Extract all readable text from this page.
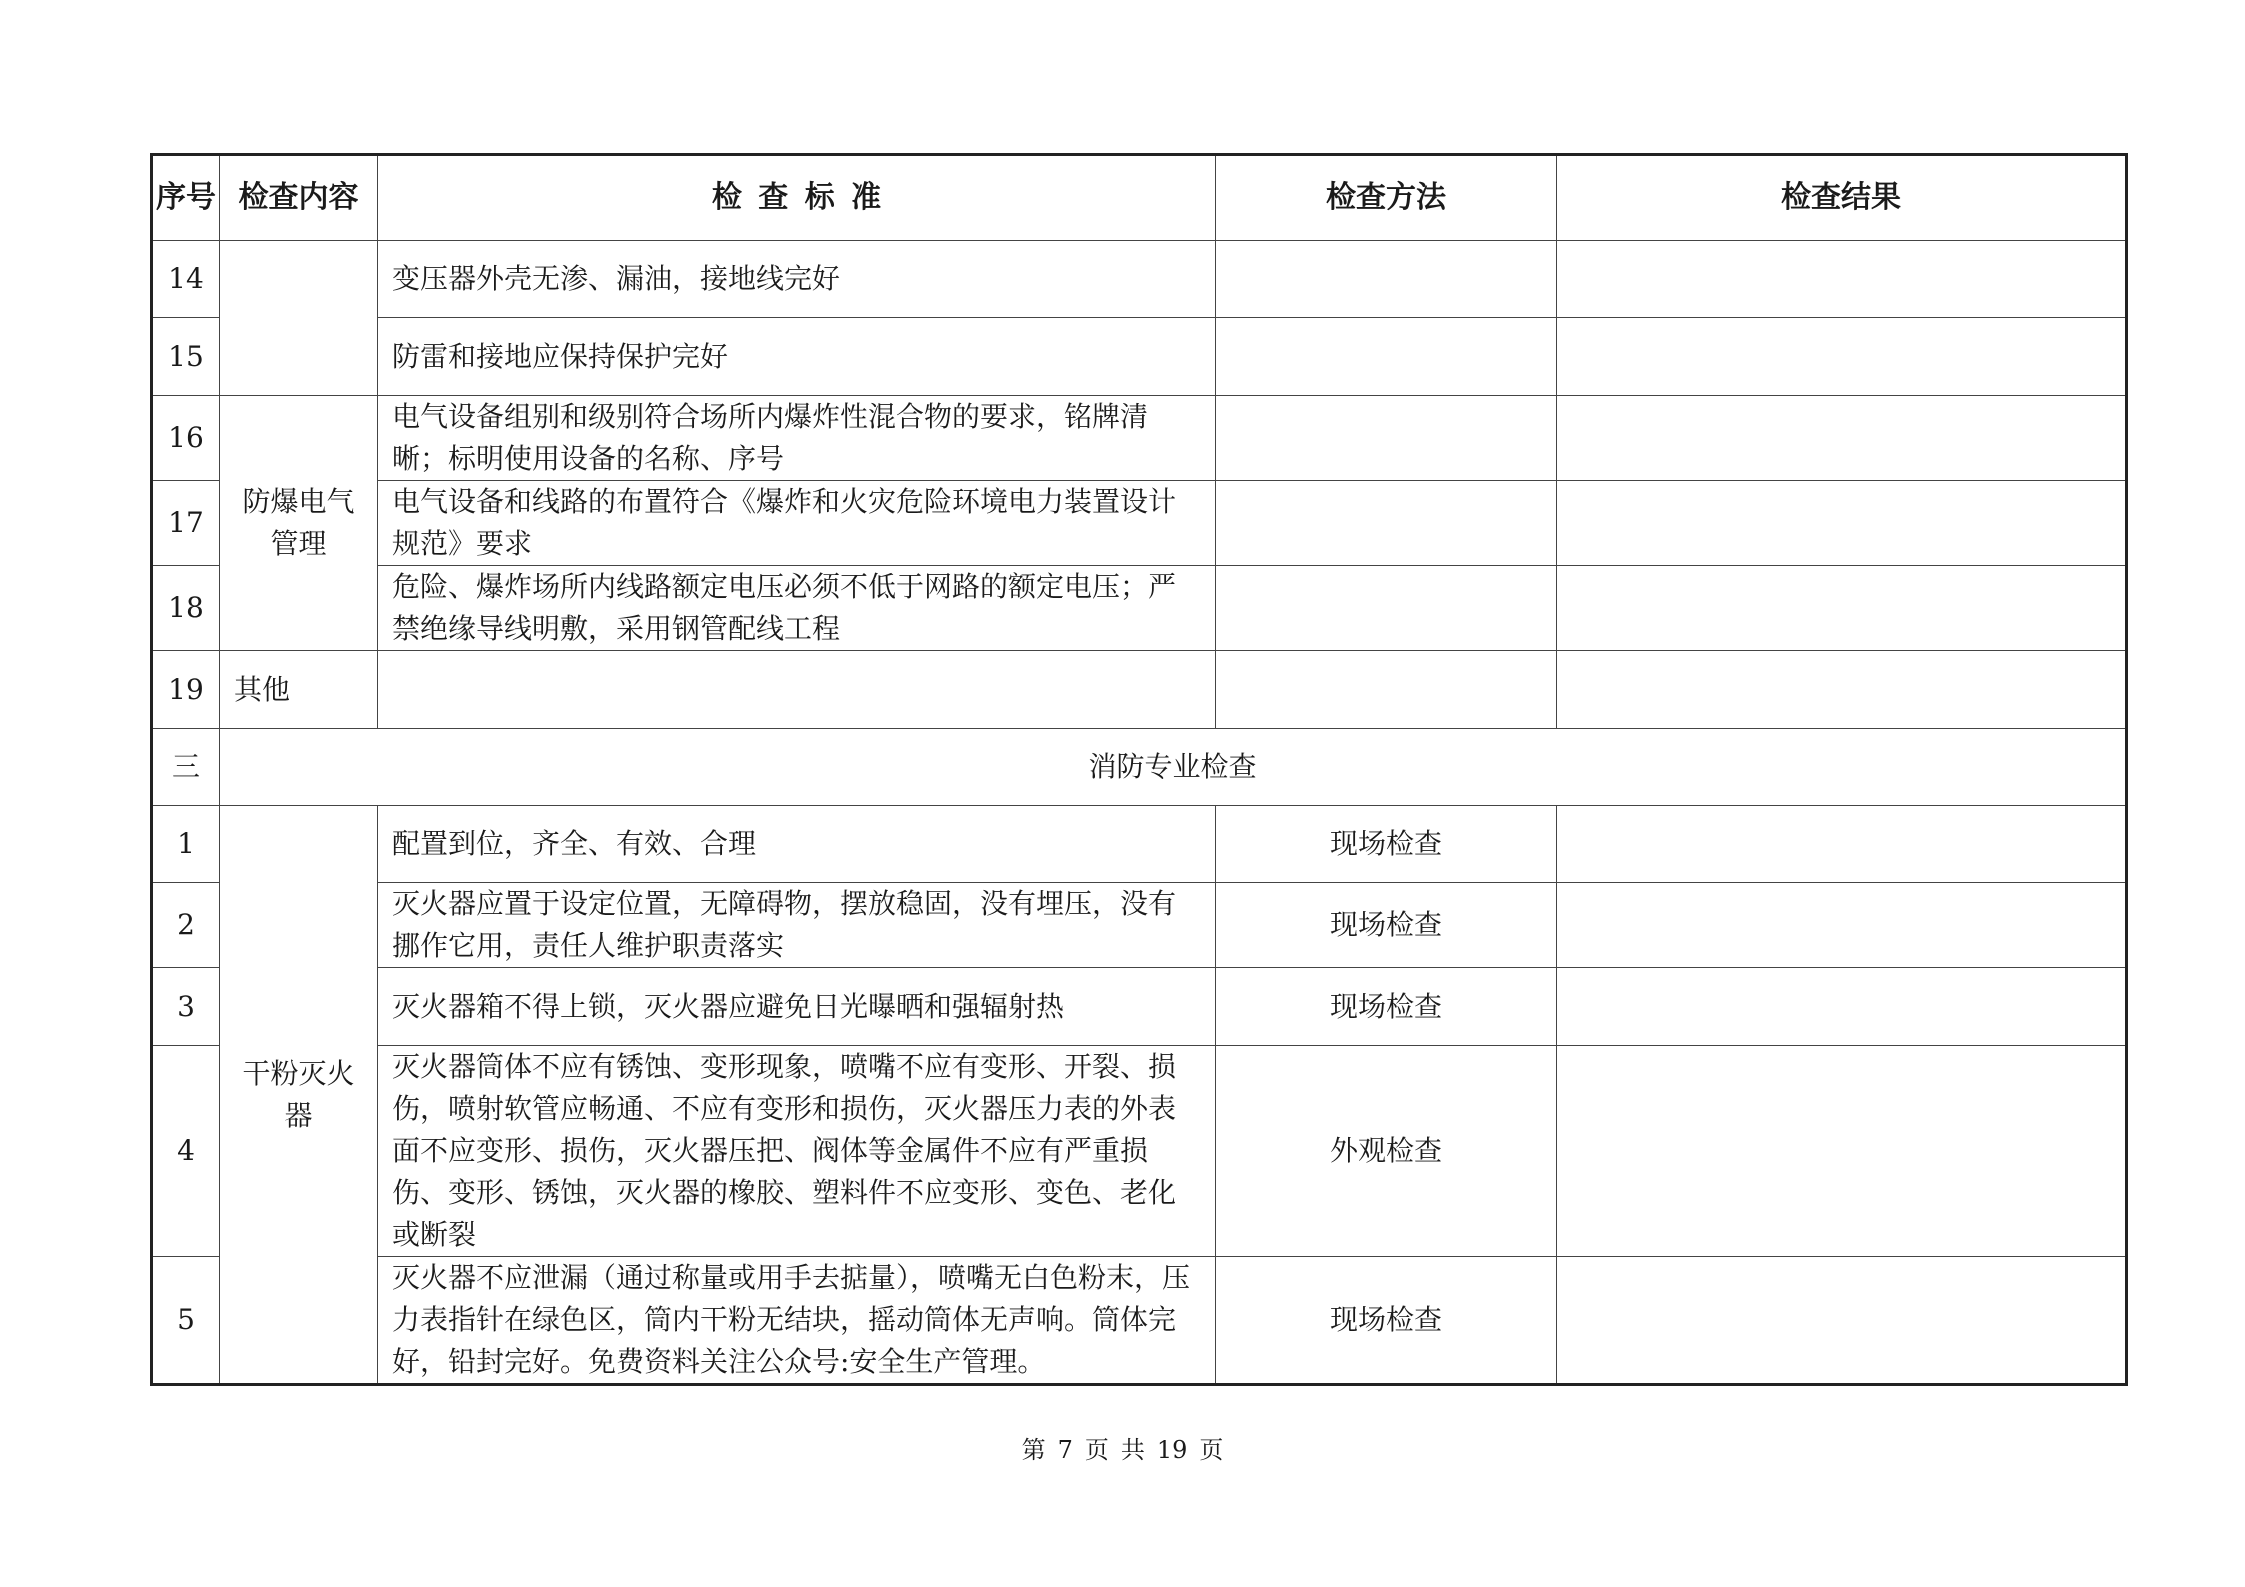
序号	检查内容	检 查 标 准	检查方法	检查结果
14		变压器外壳无渗、漏油，接地线完好		
15		防雷和接地应保持保护完好		
16	防爆电气管理	电气设备组别和级别符合场所内爆炸性混合物的要求，铭牌清晰；标明使用设备的名称、序号		
17		电气设备和线路的布置符合《爆炸和火灾危险环境电力装置设计规范》要求		
18		危险、爆炸场所内线路额定电压必须不低于网路的额定电压；严禁绝缘导线明敷，采用钢管配线工程		
19	其他			
三	消防专业检查			
1	干粉灭火器	配置到位，齐全、有效、合理	现场检查	
2		灭火器应置于设定位置，无障碍物，摆放稳固，没有埋压，没有挪作它用，责任人维护职责落实	现场检查	
3		灭火器箱不得上锁，灭火器应避免日光曝晒和强辐射热	现场检查	
4		灭火器筒体不应有锈蚀、变形现象，喷嘴不应有变形、开裂、损伤，喷射软管应畅通、不应有变形和损伤，灭火器压力表的外表面不应变形、损伤，灭火器压把、阀体等金属件不应有严重损伤、变形、锈蚀，灭火器的橡胶、塑料件不应变形、变色、老化或断裂	外观检查	
5		灭火器不应泄漏（通过称量或用手去掂量），喷嘴无白色粉末，压力表指针在绿色区，筒内干粉无结块，摇动筒体无声响。筒体完好，铅封完好。免费资料关注公众号:安全生产管理。	现场检查	
第 7 页 共 19 页
